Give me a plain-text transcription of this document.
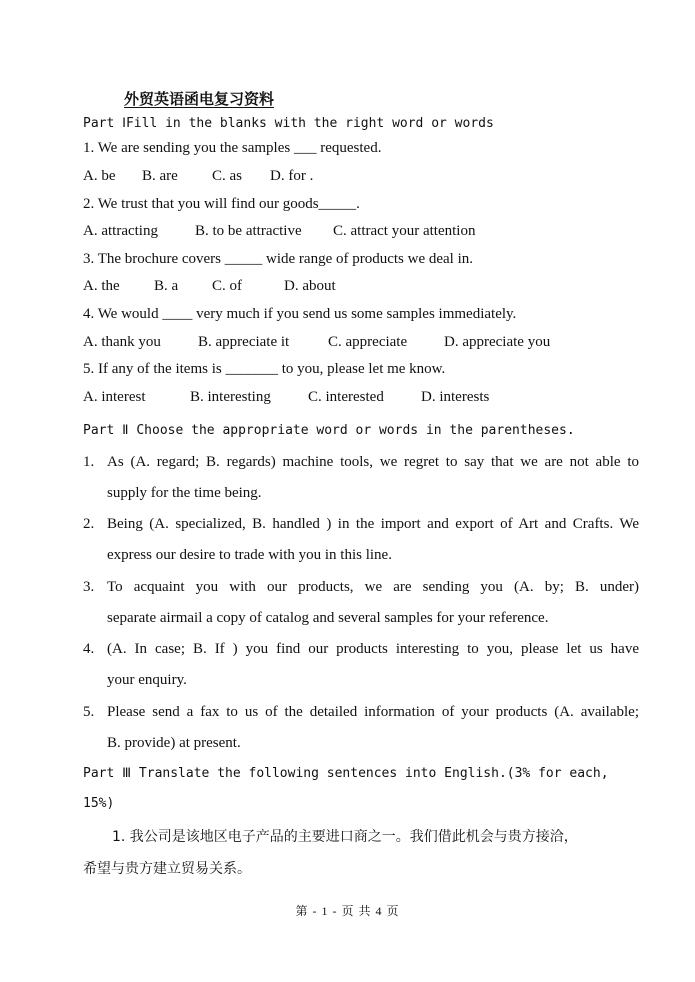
外贸英语函电复习资料
Part ⅠFill in the blanks with the right word or words
1. We are sending you the samples ___ requested.
A. be B. are C. as D. for .
2. We trust that you will find our goods_____.
A. attracting B. to be attractive C. attract your attention
3. The brochure covers _____ wide range of products we deal in.
A. the B. a C. of	D. about
4. We would ____ very much if you send us some samples immediately.
A. thank you B. appreciate it	C. appreciate D. appreciate you
5. If any of the items is _______ to you, please let me know.
A. interest	B. interesting C. interested D. interests
Part Ⅱ Choose the appropriate word or words in the parentheses.
1. As (A. regard; B. regards) machine tools, we regret to say that we are not able to
supply for the time being.
2. Being (A. specialized, B. handled ) in the import and export of Art and Crafts. We
express our desire to trade with you in this line.
3. To acquaint you with our products, we are sending you (A. by; B. under)
separate airmail a copy of catalog and several samples for your reference.
4. (A. In case; B. If ) you find our products interesting to you, please let us have
your enquiry.
5. Please send a fax to us of the detailed information of your products (A. available;
B. provide) at present.
Part Ⅲ Translate the following sentences into English.(3% for each,
15%)
1. 我公司是该地区电子产品的主要进口商之一。我们借此机会与贵方接洽，
希望与贵方建立贸易关系。
第 - 1 - 页 共 4 页
